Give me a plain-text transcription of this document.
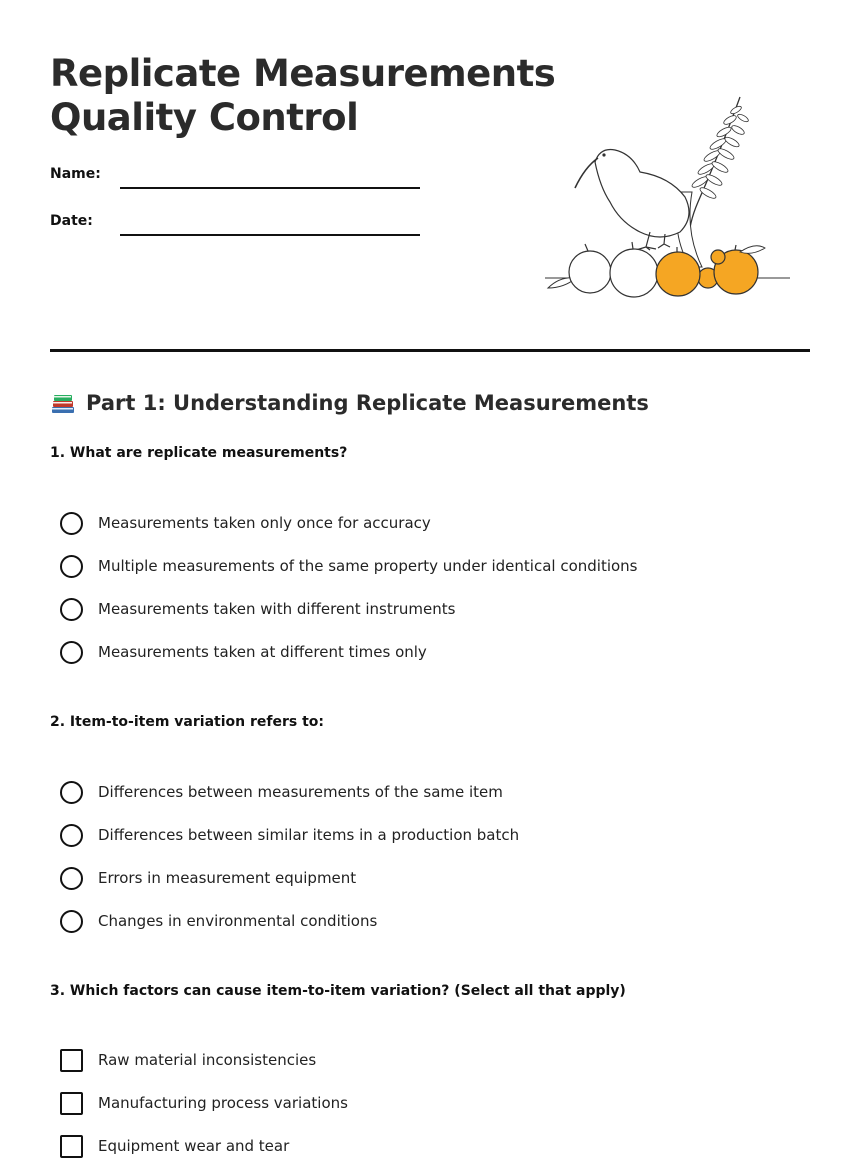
Replicate Measurements
Quality Control
Name:
Date:
Part 1: Understanding Replicate Measurements
1. What are replicate measurements?
Measurements taken only once for accuracy
Multiple measurements of the same property under identical conditions
Measurements taken with different instruments
Measurements taken at different times only
2. Item-to-item variation refers to:
Differences between measurements of the same item
Differences between similar items in a production batch
Errors in measurement equipment
Changes in environmental conditions
3. Which factors can cause item-to-item variation? (Select all that apply)
Raw material inconsistencies
Manufacturing process variations
Equipment wear and tear
